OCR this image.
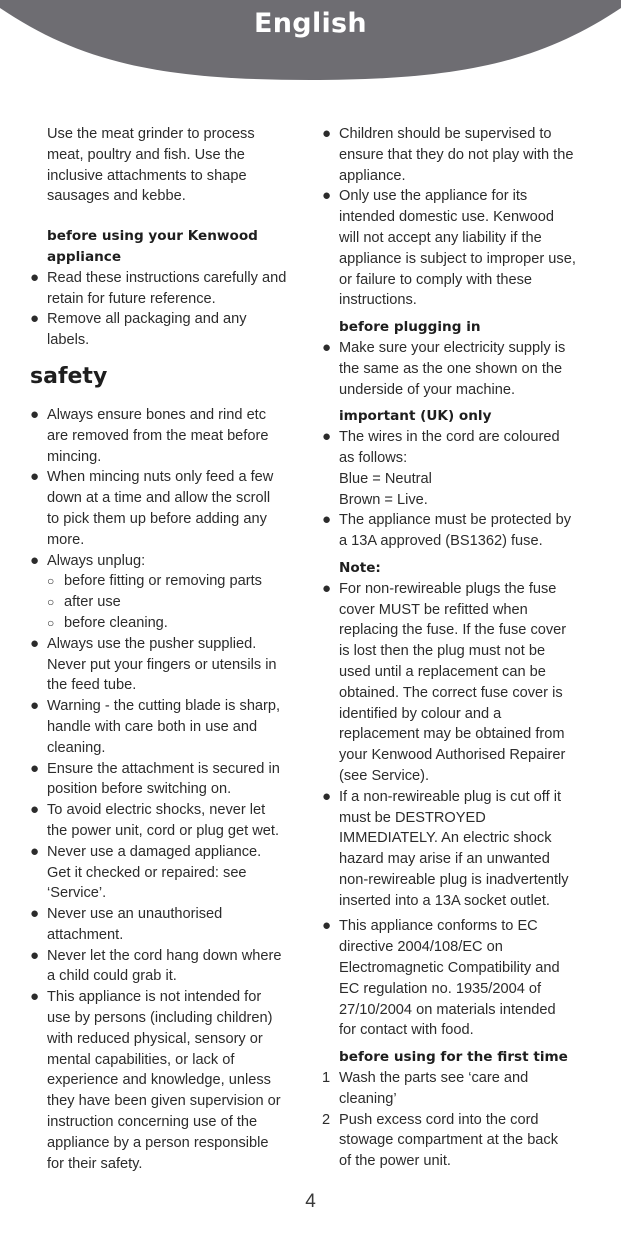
English

Use the meat grinder to process
meat, poultry and fish. Use the
inclusive attachments to shape
sausages and kebbe.

before using your Kenwood
appliance

● Read these instructions carefully and
retain for future reference.
● Remove all packaging and any
labels.

safety

● Always ensure bones and rind etc
are removed from the meat before
mincing.
● When mincing nuts only feed a few
down at a time and allow the scroll
to pick them up before adding any
more.
● Always unplug:
○ before fitting or removing parts
○ after use
○ before cleaning.
● Always use the pusher supplied.
Never put your fingers or utensils in
the feed tube.
● Warning - the cutting blade is sharp,
handle with care both in use and
cleaning.
● Ensure the attachment is secured in
position before switching on.
● To avoid electric shocks, never let
the power unit, cord or plug get wet.
● Never use a damaged appliance.
Get it checked or repaired: see
‘Service’.
● Never use an unauthorised
attachment.
● Never let the cord hang down where
a child could grab it.
● This appliance is not intended for
use by persons (including children)
with reduced physical, sensory or
mental capabilities, or lack of
experience and knowledge, unless
they have been given supervision or
instruction concerning use of the
appliance by a person responsible
for their safety.
● Children should be supervised to
ensure that they do not play with the
appliance.
● Only use the appliance for its
intended domestic use. Kenwood
will not accept any liability if the
appliance is subject to improper use,
or failure to comply with these
instructions.

before plugging in

● Make sure your electricity supply is
the same as the one shown on the
underside of your machine.

important (UK) only

● The wires in the cord are coloured
as follows:
Blue = Neutral
Brown = Live.
● The appliance must be protected by
a 13A approved (BS1362) fuse.

Note:

● For non-rewireable plugs the fuse
cover MUST be refitted when
replacing the fuse. If the fuse cover
is lost then the plug must not be
used until a replacement can be
obtained. The correct fuse cover is
identified by colour and a
replacement may be obtained from
your Kenwood Authorised Repairer
(see Service).
● If a non-rewireable plug is cut off it
must be DESTROYED
IMMEDIATELY. An electric shock
hazard may arise if an unwanted
non-rewireable plug is inadvertently
inserted into a 13A socket outlet.
● This appliance conforms to EC
directive 2004/108/EC on
Electromagnetic Compatibility and
EC regulation no. 1935/2004 of
27/10/2004 on materials intended
for contact with food.

before using for the first time

1 Wash the parts see ‘care and
cleaning’
2 Push excess cord into the cord
stowage compartment at the back
of the power unit.
4
